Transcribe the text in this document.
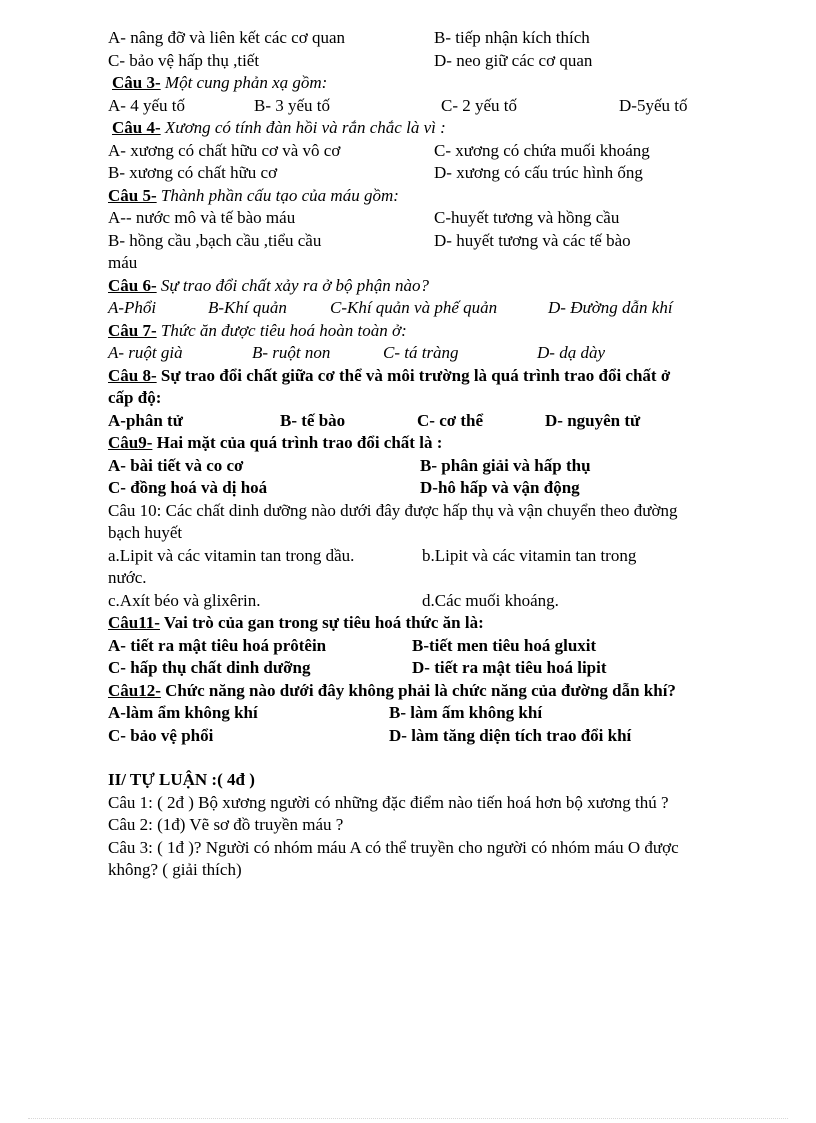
A- nâng đỡ và liên kết các cơ quan	B- tiếp nhận kích thích
C- bảo vệ hấp thụ ,tiết	D- neo giữ các cơ quan
Câu 3- Một cung phản xạ gồm:
A- 4 yếu tố	B- 3 yếu tố	C- 2 yếu tố	D-5yếu tố
Câu 4- Xương có tính đàn hồi và rắn chắc là vì :
A- xương có chất hữu cơ và vô cơ	C- xương có chứa muối khoáng
B- xương có chất hữu cơ	D- xương có cấu trúc hình ống
Câu 5- Thành phần cấu tạo của máu gồm:
A-- nước mô và tế bào máu	C-huyết tương và hồng cầu
B- hồng cầu ,bạch cầu ,tiểu cầu	D- huyết tương và các tế bào
máu
Câu 6- Sự trao đổi chất xảy ra ở bộ phận nào?
A-Phổi	B-Khí quản	C-Khí quản và phế quản	D- Đường dẫn khí
Câu 7- Thức ăn được tiêu hoá hoàn toàn ở:
A- ruột già	B- ruột non	C- tá tràng	D- dạ dày
Câu 8- Sự trao đổi chất giữa cơ thể và môi trường là quá trình trao đổi chất ở cấp độ:
A-phân tử	B- tế bào	C- cơ thể	D- nguyên tử
Câu9- Hai mặt của quá trình trao đổi chất là :
A- bài tiết và co cơ	B- phân giải và hấp thụ
C- đồng hoá và dị hoá	D-hô hấp và vận động
Câu 10: Các chất dinh dưỡng nào dưới đây được hấp thụ và vận chuyển theo đường bạch huyết
a.Lipit và các vitamin tan trong dầu.	b.Lipit và các vitamin tan trong
nước.
c.Axít béo và glixêrin.	d.Các muối khoáng.
Câu11- Vai trò của gan trong sự tiêu hoá thức ăn là:
A- tiết ra mật tiêu hoá prôtêin	B-tiết men tiêu hoá gluxit
C- hấp thụ chất dinh dưỡng	D- tiết ra mật tiêu hoá lipit
Câu12- Chức năng nào dưới đây không phải là chức năng của đường dẫn khí?
A-làm ẩm không khí	B- làm ấm không khí
C- bảo vệ phổi	D- làm tăng diện tích trao đổi khí
II/ TỰ LUẬN :( 4đ )
Câu 1: ( 2đ ) Bộ xương người có những đặc điểm nào tiến hoá hơn bộ xương thú ?
Câu 2: (1đ) Vẽ sơ đồ truyền máu ?
Câu 3: ( 1đ )? Người có nhóm máu A có thể truyền cho người có nhóm máu O được không? ( giải thích)
